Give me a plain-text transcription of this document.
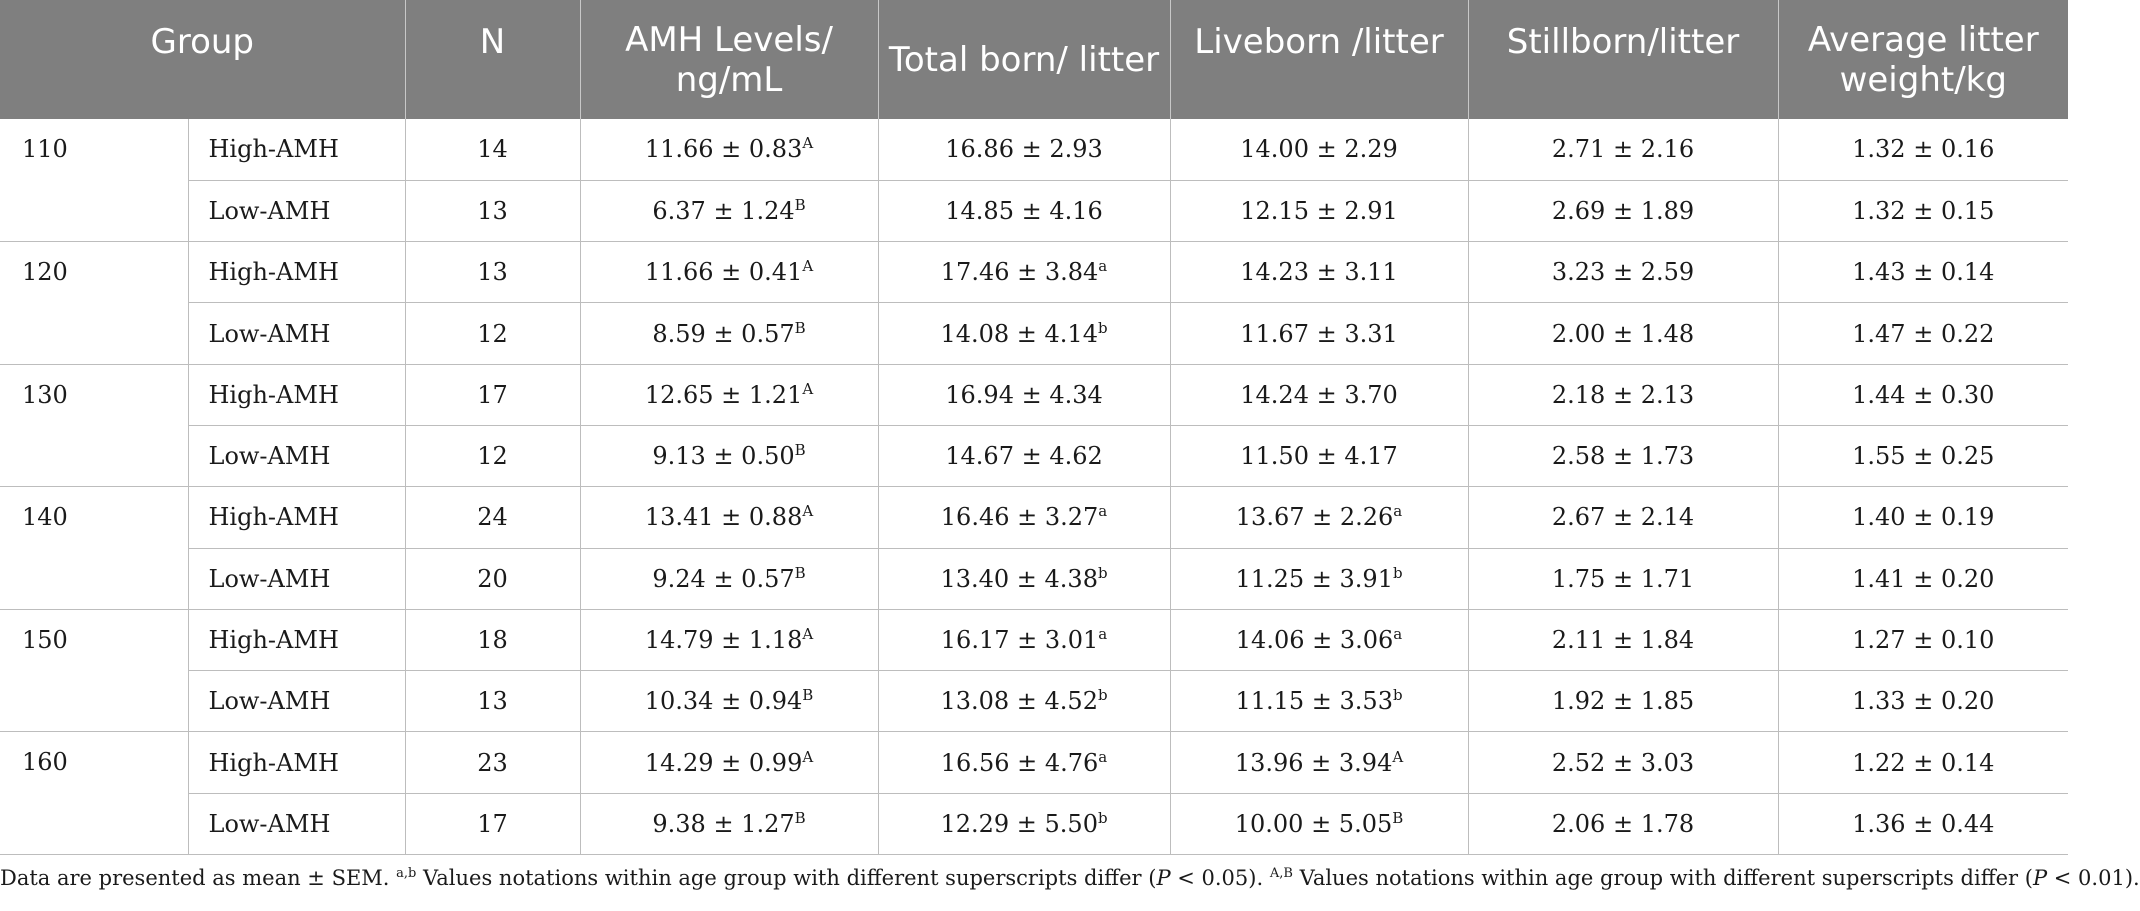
Group		N	AMH Levels/ ng/mL	Total born/ litter	Liveborn /litter	Stillborn/litter	Average litter weight/kg
110	High-AMH	14	$11.66 \pm 0.83^A$	16.86 ± 2.93	14.00 ± 2.29	2.71 ± 2.16	1.32 ± 0.16
	Low-AMH	13	$6.37 \pm 1.24^B$	14.85 ± 4.16	12.15 ± 2.91	2.69 ± 1.89	1.32 ± 0.15
120	High-AMH	13	$11.66 \pm 0.41^A$	17.46 ± 3.84$^a$	14.23 ± 3.11	3.23 ± 2.59	1.43 ± 0.14
	Low-AMH	12	$8.59 \pm 0.57^B$	14.08 ± 4.14$^b$	11.67 ± 3.31	2.00 ± 1.48	1.47 ± 0.22
130	High-AMH	17	$12.65 \pm 1.21^A$	16.94 ± 4.34	14.24 ± 3.70	2.18 ± 2.13	1.44 ± 0.30
	Low-AMH	12	$9.13 \pm 0.50^B$	14.67 ± 4.62	11.50 ± 4.17	2.58 ± 1.73	1.55 ± 0.25
140	High-AMH	24	$13.41 \pm 0.88^A$	16.46 ± 3.27$^a$	13.67 ± 2.26$^a$	2.67 ± 2.14	1.40 ± 0.19
	Low-AMH	20	$9.24 \pm 0.57^B$	13.40 ± 4.38$^b$	11.25 ± 3.91$^b$	1.75 ± 1.71	1.41 ± 0.20
150	High-AMH	18	$14.79 \pm 1.18^A$	16.17 ± 3.01$^a$	14.06 ± 3.06$^a$	2.11 ± 1.84	1.27 ± 0.10
	Low-AMH	13	$10.34 \pm 0.94^B$	13.08 ± 4.52$^b$	11.15 ± 3.53$^b$	1.92 ± 1.85	1.33 ± 0.20
160	High-AMH	23	$14.29 \pm 0.99^A$	16.56 ± 4.76$^a$	$13.96 \pm 3.94^A$	2.52 ± 3.03	1.22 ± 0.14
	Low-AMH	17	$9.38 \pm 1.27^B$	12.29 ± 5.50$^b$	$10.00 \pm 5.05^B$	2.06 ± 1.78	1.36 ± 0.44
Data are presented as mean ± SEM. $^{a,b}$ Values notations within age group with different superscripts differ (P < 0.05). $^{A,B}$ Values notations within age group with different superscripts differ (P < 0.01).
